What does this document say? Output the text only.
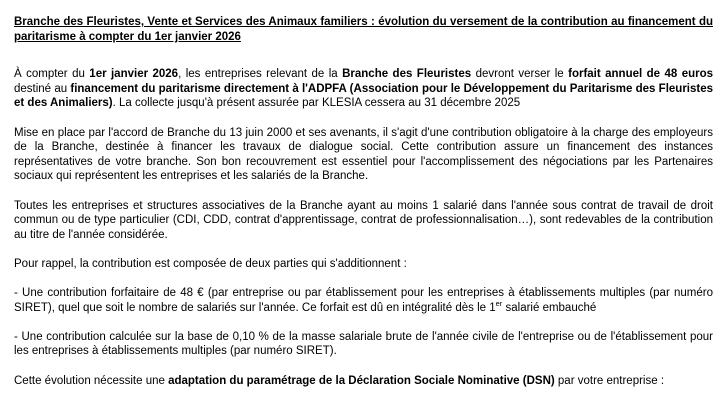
Branche des Fleuristes, Vente et Services des Animaux familiers : évolution du versement de la contribution au financement du paritarisme à compter du 1er janvier 2026

À compter du 1er janvier 2026, les entreprises relevant de la Branche des Fleuristes devront verser le forfait annuel de 48 euros destiné au financement du paritarisme directement à l'ADPFA (Association pour le Développement du Paritarisme des Fleuristes et des Animaliers). La collecte jusqu'à présent assurée par KLESIA cessera au 31 décembre 2025

Mise en place par l'accord de Branche du 13 juin 2000 et ses avenants, il s'agit d'une contribution obligatoire à la charge des employeurs de la Branche, destinée à financer les travaux de dialogue social. Cette contribution assure un financement des instances représentatives de votre branche. Son bon recouvrement est essentiel pour l'accomplissement des négociations par les Partenaires sociaux qui représentent les entreprises et les salariés de la Branche.

Toutes les entreprises et structures associatives de la Branche ayant au moins 1 salarié dans l'année sous contrat de travail de droit commun ou de type particulier (CDI, CDD, contrat d'apprentissage, contrat de professionnalisation…), sont redevables de la contribution au titre de l'année considérée.

Pour rappel, la contribution est composée de deux parties qui s'additionnent :

- Une contribution forfaitaire de 48 € (par entreprise ou par établissement pour les entreprises à établissements multiples (par numéro SIRET), quel que soit le nombre de salariés sur l'année. Ce forfait est dû en intégralité dès le 1er salarié embauché

- Une contribution calculée sur la base de 0,10 % de la masse salariale brute de l'année civile de l'entreprise ou de l'établissement pour les entreprises à établissements multiples (par numéro SIRET).

Cette évolution nécessite une adaptation du paramétrage de la Déclaration Sociale Nominative (DSN) par votre entreprise :
